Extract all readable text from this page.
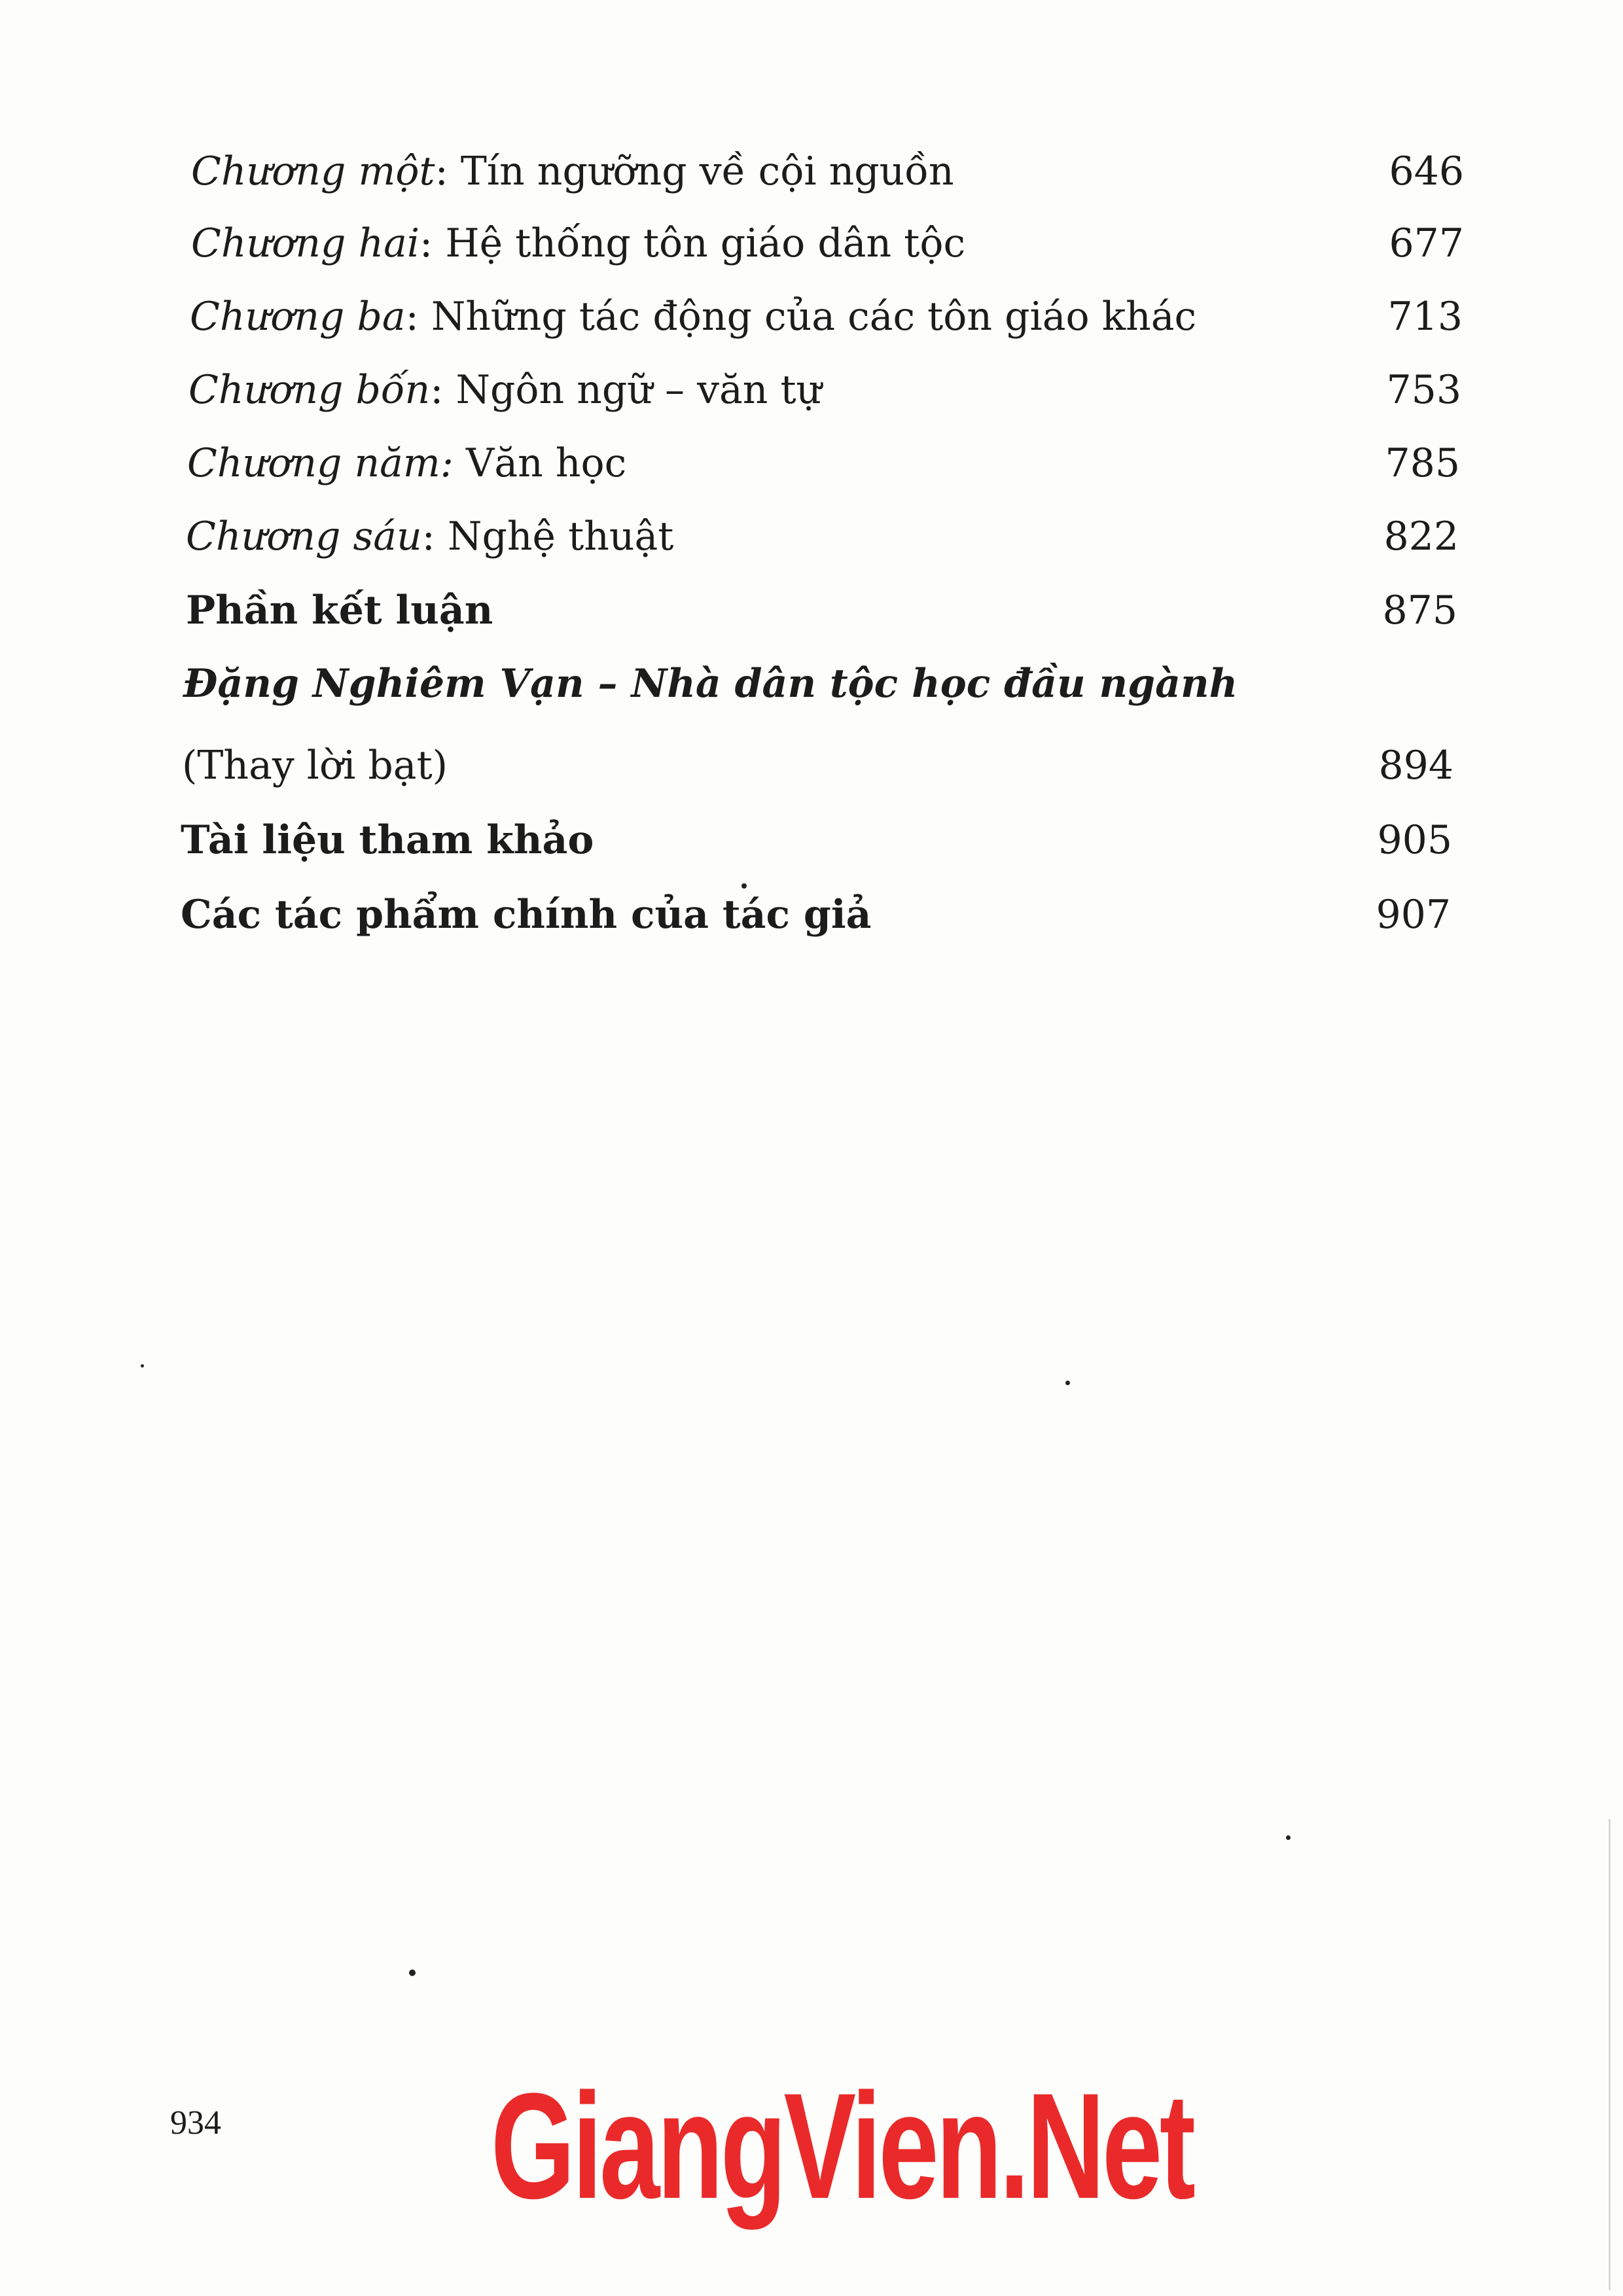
Chương một: Tín ngưỡng về cội nguồn	646
Chương hai: Hệ thống tôn giáo dân tộc	677
Chương ba: Những tác động của các tôn giáo khác	713
Chương bốn: Ngôn ngữ – văn tự	753
Chương năm: Văn học	785
Chương sáu: Nghệ thuật	822
Phần kết luận	875
Đặng Nghiêm Vạn – Nhà dân tộc học đầu ngành
(Thay lời bạt)	894
Tài liệu tham khảo	905
Các tác phẩm chính của tác giả	907
934 GiangVien.Net
